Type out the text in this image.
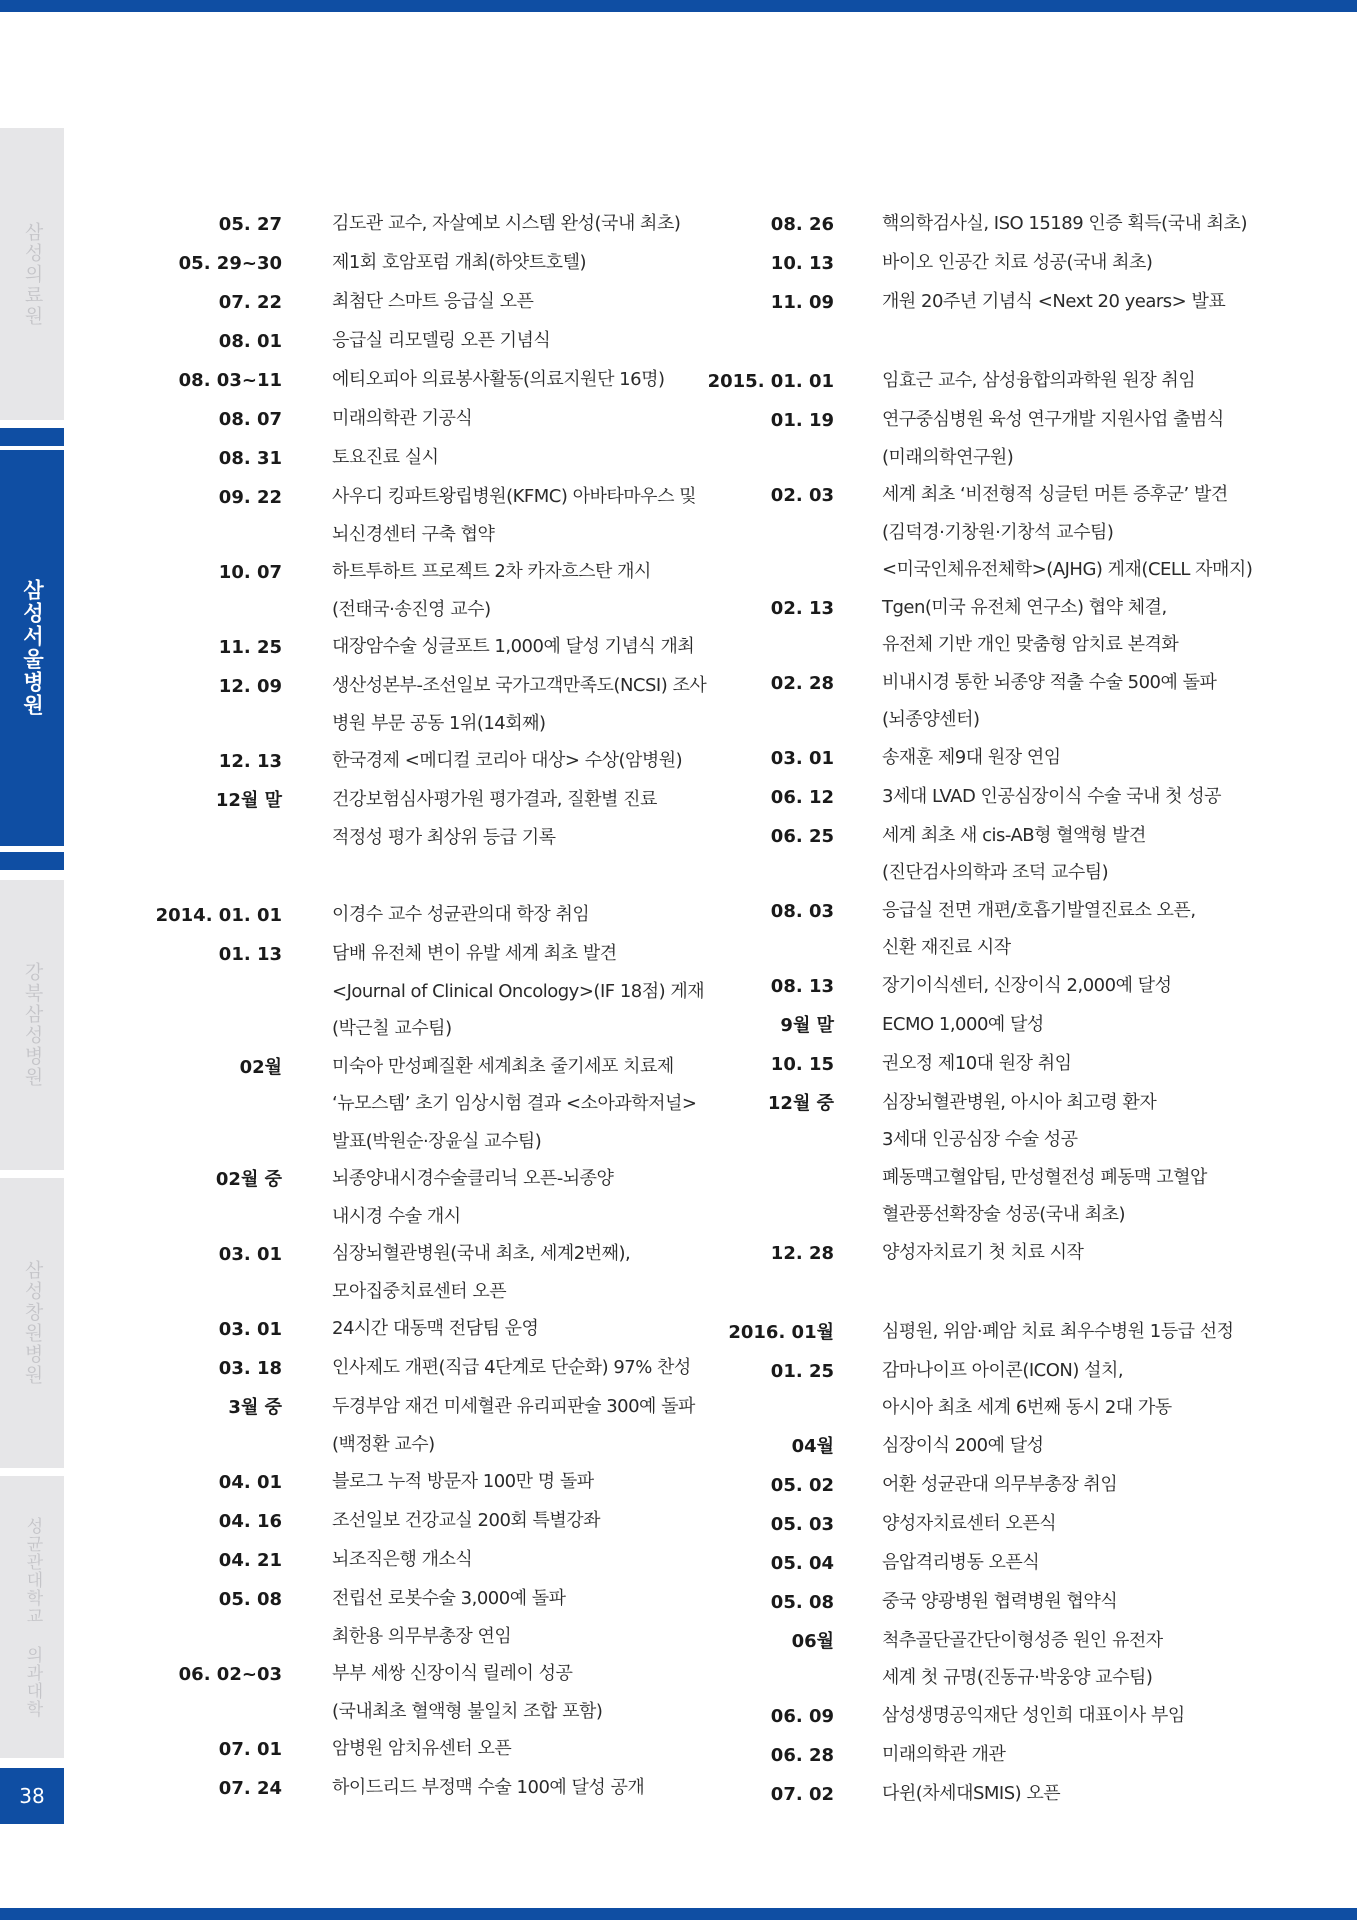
삼성의료원
삼성서울병원
강북삼성병원
삼성창원병원
성균관대학교 의과대학
38
05. 27	김도관 교수, 자살예보 시스템 완성(국내 최초)
05. 29~30	제1회 호암포럼 개최(하얏트호텔)
07. 22	최첨단 스마트 응급실 오픈
08. 01	응급실 리모델링 오픈 기념식
08. 03~11	에티오피아 의료봉사활동(의료지원단 16명)
08. 07	미래의학관 기공식
08. 31	토요진료 실시
09. 22	사우디 킹파트왕립병원(KFMC) 아바타마우스 및
뇌신경센터 구축 협약
10. 07	하트투하트 프로젝트 2차 카자흐스탄 개시
(전태국·송진영 교수)
11. 25	대장암수술 싱글포트 1,000예 달성 기념식 개최
12. 09	생산성본부-조선일보 국가고객만족도(NCSI) 조사
병원 부문 공동 1위(14회째)
12. 13	한국경제 <메디컬 코리아 대상> 수상(암병원)
12월 말	건강보험심사평가원 평가결과, 질환별 진료
적정성 평가 최상위 등급 기록
2014. 01. 01	이경수 교수 성균관의대 학장 취임
01. 13	담배 유전체 변이 유발 세계 최초 발견
<Journal of Clinical Oncology>(IF 18점) 게재
(박근칠 교수팀)
02월	미숙아 만성폐질환 세계최초 줄기세포 치료제
‘뉴모스템’ 초기 임상시험 결과 <소아과학저널>
발표(박원순·장윤실 교수팀)
02월 중	뇌종양내시경수술클리닉 오픈-뇌종양
내시경 수술 개시
03. 01	심장뇌혈관병원(국내 최초, 세계2번째),
모아집중치료센터 오픈
03. 01	24시간 대동맥 전담팀 운영
03. 18	인사제도 개편(직급 4단계로 단순화) 97% 찬성
3월 중	두경부암 재건 미세혈관 유리피판술 300예 돌파
(백정환 교수)
04. 01	블로그 누적 방문자 100만 명 돌파
04. 16	조선일보 건강교실 200회 특별강좌
04. 21	뇌조직은행 개소식
05. 08	전립선 로봇수술 3,000예 돌파
최한용 의무부총장 연임
06. 02~03	부부 세쌍 신장이식 릴레이 성공
(국내최초 혈액형 불일치 조합 포함)
07. 01	암병원 암치유센터 오픈
07. 24	하이드리드 부정맥 수술 100예 달성 공개
08. 26	핵의학검사실, ISO 15189 인증 획득(국내 최초)
10. 13	바이오 인공간 치료 성공(국내 최초)
11. 09	개원 20주년 기념식 <Next 20 years> 발표
2015. 01. 01	임효근 교수, 삼성융합의과학원 원장 취임
01. 19	연구중심병원 육성 연구개발 지원사업 출범식
(미래의학연구원)
02. 03	세계 최초 ‘비전형적 싱글턴 머튼 증후군’ 발견
(김덕경·기창원·기창석 교수팀)
<미국인체유전체학>(AJHG) 게재(CELL 자매지)
02. 13	Tgen(미국 유전체 연구소) 협약 체결,
유전체 기반 개인 맞춤형 암치료 본격화
02. 28	비내시경 통한 뇌종양 적출 수술 500예 돌파
(뇌종양센터)
03. 01	송재훈 제9대 원장 연임
06. 12	3세대 LVAD 인공심장이식 수술 국내 첫 성공
06. 25	세계 최초 새 cis-AB형 혈액형 발견
(진단검사의학과 조덕 교수팀)
08. 03	응급실 전면 개편/호흡기발열진료소 오픈,
신환 재진료 시작
08. 13	장기이식센터, 신장이식 2,000예 달성
9월 말	ECMO 1,000예 달성
10. 15	권오정 제10대 원장 취임
12월 중	심장뇌혈관병원, 아시아 최고령 환자
3세대 인공심장 수술 성공
폐동맥고혈압팀, 만성혈전성 폐동맥 고혈압
혈관풍선확장술 성공(국내 최초)
12. 28	양성자치료기 첫 치료 시작
2016. 01월	심평원, 위암·폐암 치료 최우수병원 1등급 선정
01. 25	감마나이프 아이콘(ICON) 설치,
아시아 최초 세계 6번째 동시 2대 가동
04월	심장이식 200예 달성
05. 02	어환 성균관대 의무부총장 취임
05. 03	양성자치료센터 오픈식
05. 04	음압격리병동 오픈식
05. 08	중국 양광병원 협력병원 협약식
06월	척추골단골간단이형성증 원인 유전자
세계 첫 규명(진동규·박웅양 교수팀)
06. 09	삼성생명공익재단 성인희 대표이사 부임
06. 28	미래의학관 개관
07. 02	다윈(차세대SMIS) 오픈
